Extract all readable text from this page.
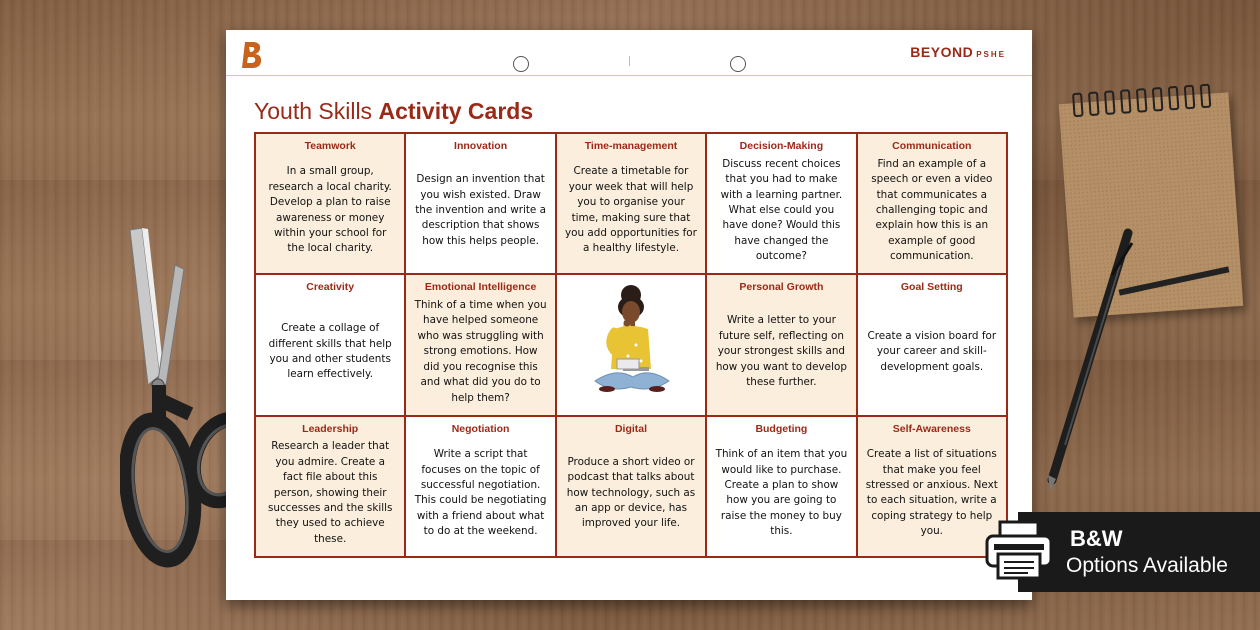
BEYOND PSHE
Youth Skills Activity Cards
Teamwork

In a small group, research a local charity. Develop a plan to raise awareness or money within your school for the local charity.

Innovation

Design an invention that you wish existed. Draw the invention and write a description that shows how this helps people.

Time-management

Create a timetable for your week that will help you to organise your time, making sure that you add opportunities for a healthy lifestyle.

Decision-Making

Discuss recent choices that you had to make with a learning partner. What else could you have done? Would this have changed the outcome?

Communication

Find an example of a speech or even a video that communicates a challenging topic and explain how this is an example of good communication.

Creativity

Create a collage of different skills that help you and other students learn effectively.

Emotional Intelligence

Think of a time when you have helped someone who was struggling with strong emotions. How did you recognise this and what did you do to help them?

Personal Growth

Write a letter to your future self, reflecting on your strongest skills and how you want to develop these further.

Goal Setting

Create a vision board for your career and skill-development goals.

Leadership

Research a leader that you admire. Create a fact file about this person, showing their successes and the skills they used to achieve these.

Negotiation

Write a script that focuses on the topic of successful negotiation. This could be negotiating with a friend about what to do at the weekend.

Digital

Produce a short video or podcast that talks about how technology, such as an app or device, has improved your life.

Budgeting

Think of an item that you would like to purchase. Create a plan to show how you are going to raise the money to buy this.

Self-Awareness

Create a list of situations that make you feel stressed or anxious. Next to each situation, write a coping strategy to help you.	B&W
Options Available
